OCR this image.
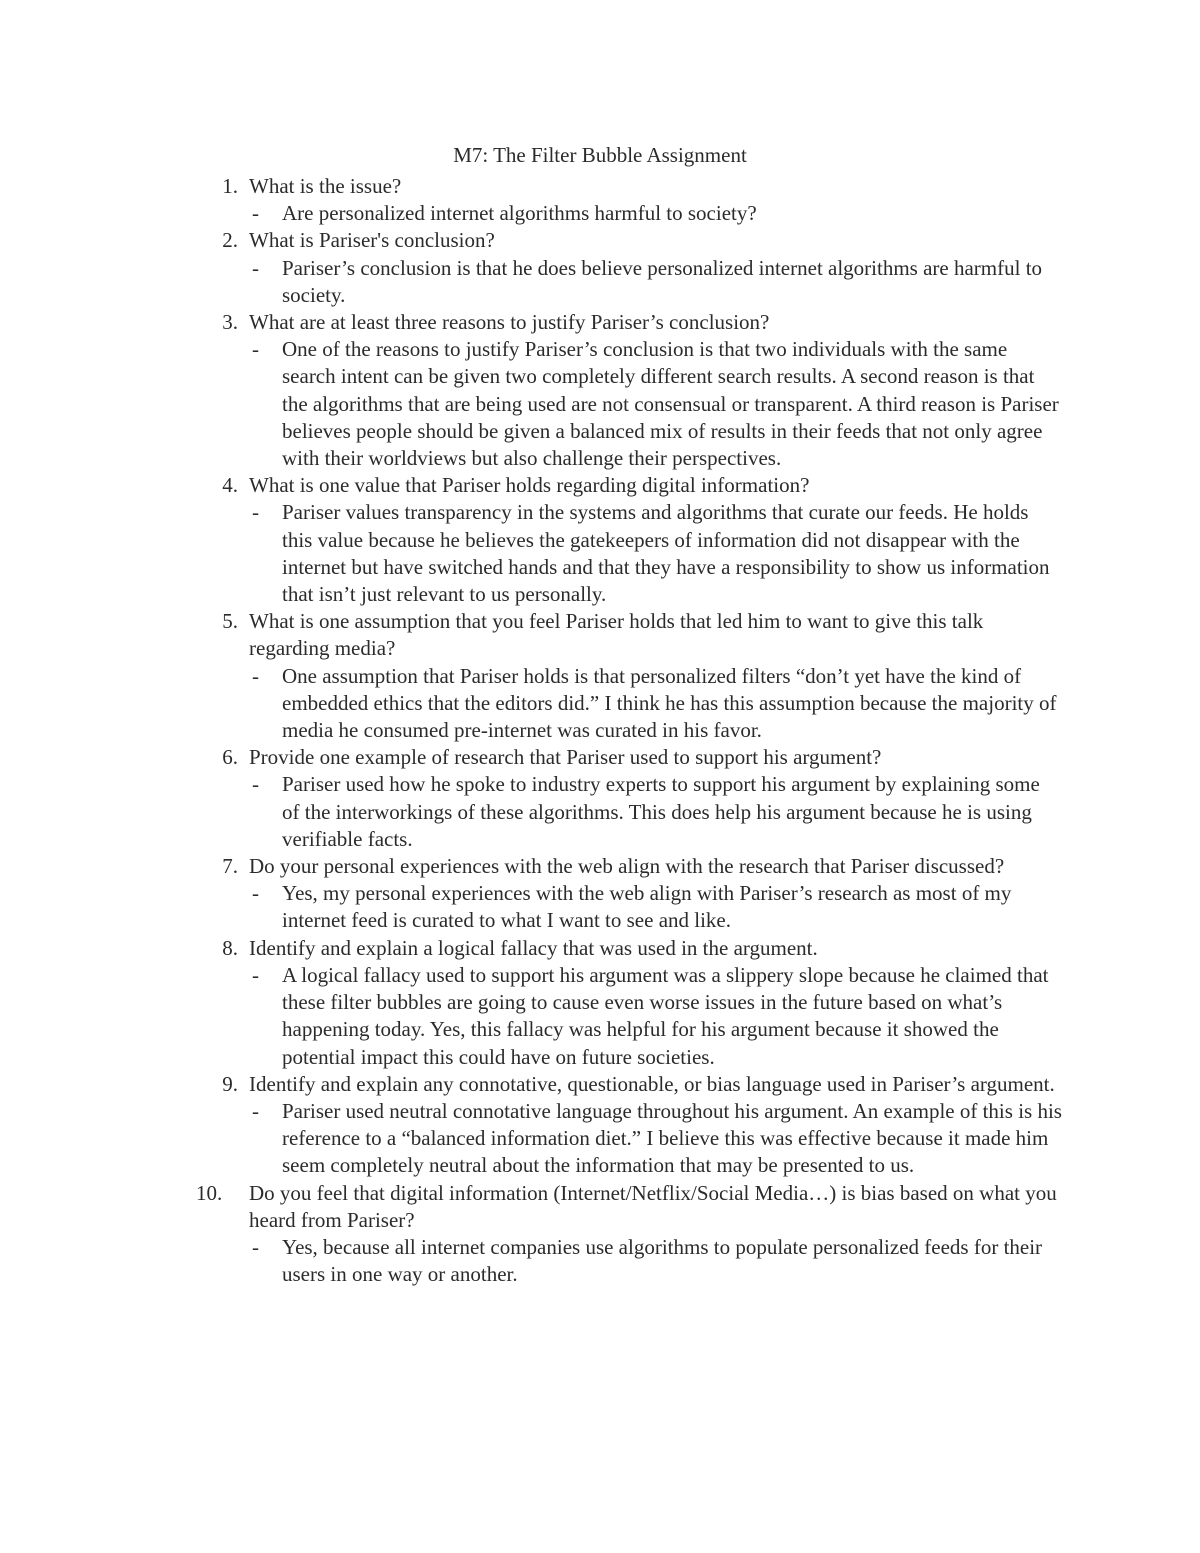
M7: The Filter Bubble Assignment
1. What is the issue?
- Are personalized internet algorithms harmful to society?
2. What is Pariser's conclusion?
- Pariser’s conclusion is that he does believe personalized internet algorithms are harmful to society.
3. What are at least three reasons to justify Pariser’s conclusion?
- One of the reasons to justify Pariser’s conclusion is that two individuals with the same search intent can be given two completely different search results. A second reason is that the algorithms that are being used are not consensual or transparent. A third reason is Pariser believes people should be given a balanced mix of results in their feeds that not only agree with their worldviews but also challenge their perspectives.
4. What is one value that Pariser holds regarding digital information?
- Pariser values transparency in the systems and algorithms that curate our feeds. He holds this value because he believes the gatekeepers of information did not disappear with the internet but have switched hands and that they have a responsibility to show us information that isn’t just relevant to us personally.
5. What is one assumption that you feel Pariser holds that led him to want to give this talk regarding media?
- One assumption that Pariser holds is that personalized filters “don’t yet have the kind of embedded ethics that the editors did.” I think he has this assumption because the majority of media he consumed pre-internet was curated in his favor.
6. Provide one example of research that Pariser used to support his argument?
- Pariser used how he spoke to industry experts to support his argument by explaining some of the interworkings of these algorithms. This does help his argument because he is using verifiable facts.
7. Do your personal experiences with the web align with the research that Pariser discussed?
- Yes, my personal experiences with the web align with Pariser’s research as most of my internet feed is curated to what I want to see and like.
8. Identify and explain a logical fallacy that was used in the argument.
- A logical fallacy used to support his argument was a slippery slope because he claimed that these filter bubbles are going to cause even worse issues in the future based on what’s happening today. Yes, this fallacy was helpful for his argument because it showed the potential impact this could have on future societies.
9. Identify and explain any connotative, questionable, or bias language used in Pariser’s argument.
- Pariser used neutral connotative language throughout his argument. An example of this is his reference to a “balanced information diet.” I believe this was effective because it made him seem completely neutral about the information that may be presented to us.
10.	Do you feel that digital information (Internet/Netflix/Social Media…) is bias based on what you heard from Pariser?
- Yes, because all internet companies use algorithms to populate personalized feeds for their users in one way or another.
